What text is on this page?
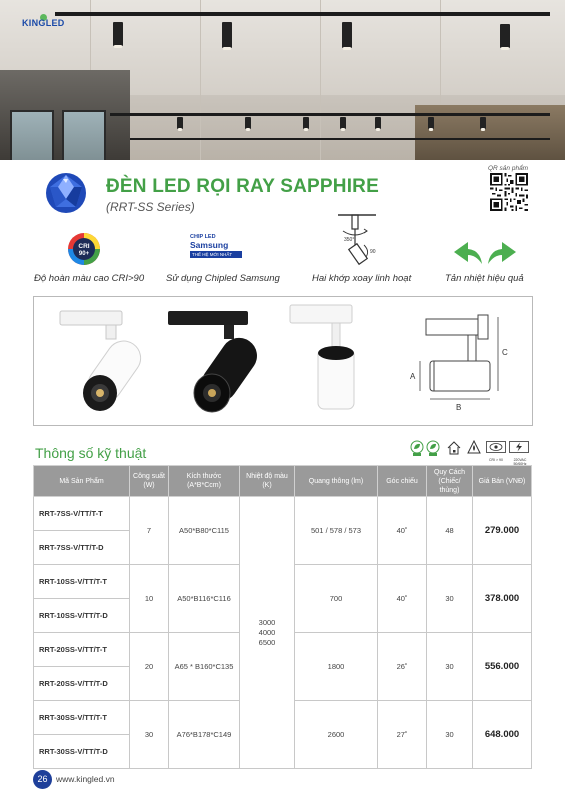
KINGLED
ĐÈN LED RỌI RAY SAPPHIRE
(RRT-SS Series)
QR sản phẩm
CRI
90+
Độ hoàn màu cao CRI>90
CHIP LED
Samsung
THẾ HỆ MỚI NHẤT
Sử dụng Chipled Samsung
350°
90
Hai khớp xoay linh hoạt	Tản nhiệt hiệu quả
A
B
C
Thông số kỹ thuật	CRI > 90	220VAC 50/60Hz
Mã Sản Phẩm	Công suất (W)	Kích thước (A*B*Ccm)	Nhiệt độ màu (K)	Quang thông (lm)	Góc chiếu	Quy Cách (Chiếc/ thùng)	Giá Bán (VNĐ)
RRT-7SS-V/TT/T-T	7	A50*B80*C115	3000
4000
6500	501 / 578 / 573	40˚	48	279.000
RRT-7SS-V/TT/T-D							
RRT-10SS-V/TT/T-T	10	A50*B116*C116		700	40˚	30	378.000
RRT-10SS-V/TT/T-D							
RRT-20SS-V/TT/T-T	20	A65 * B160*C135		1800	26˚	30	556.000
RRT-20SS-V/TT/T-D							
RRT-30SS-V/TT/T-T	30	A76*B178*C149		2600	27˚	30	648.000
RRT-30SS-V/TT/T-D							
26	www.kingled.vn
